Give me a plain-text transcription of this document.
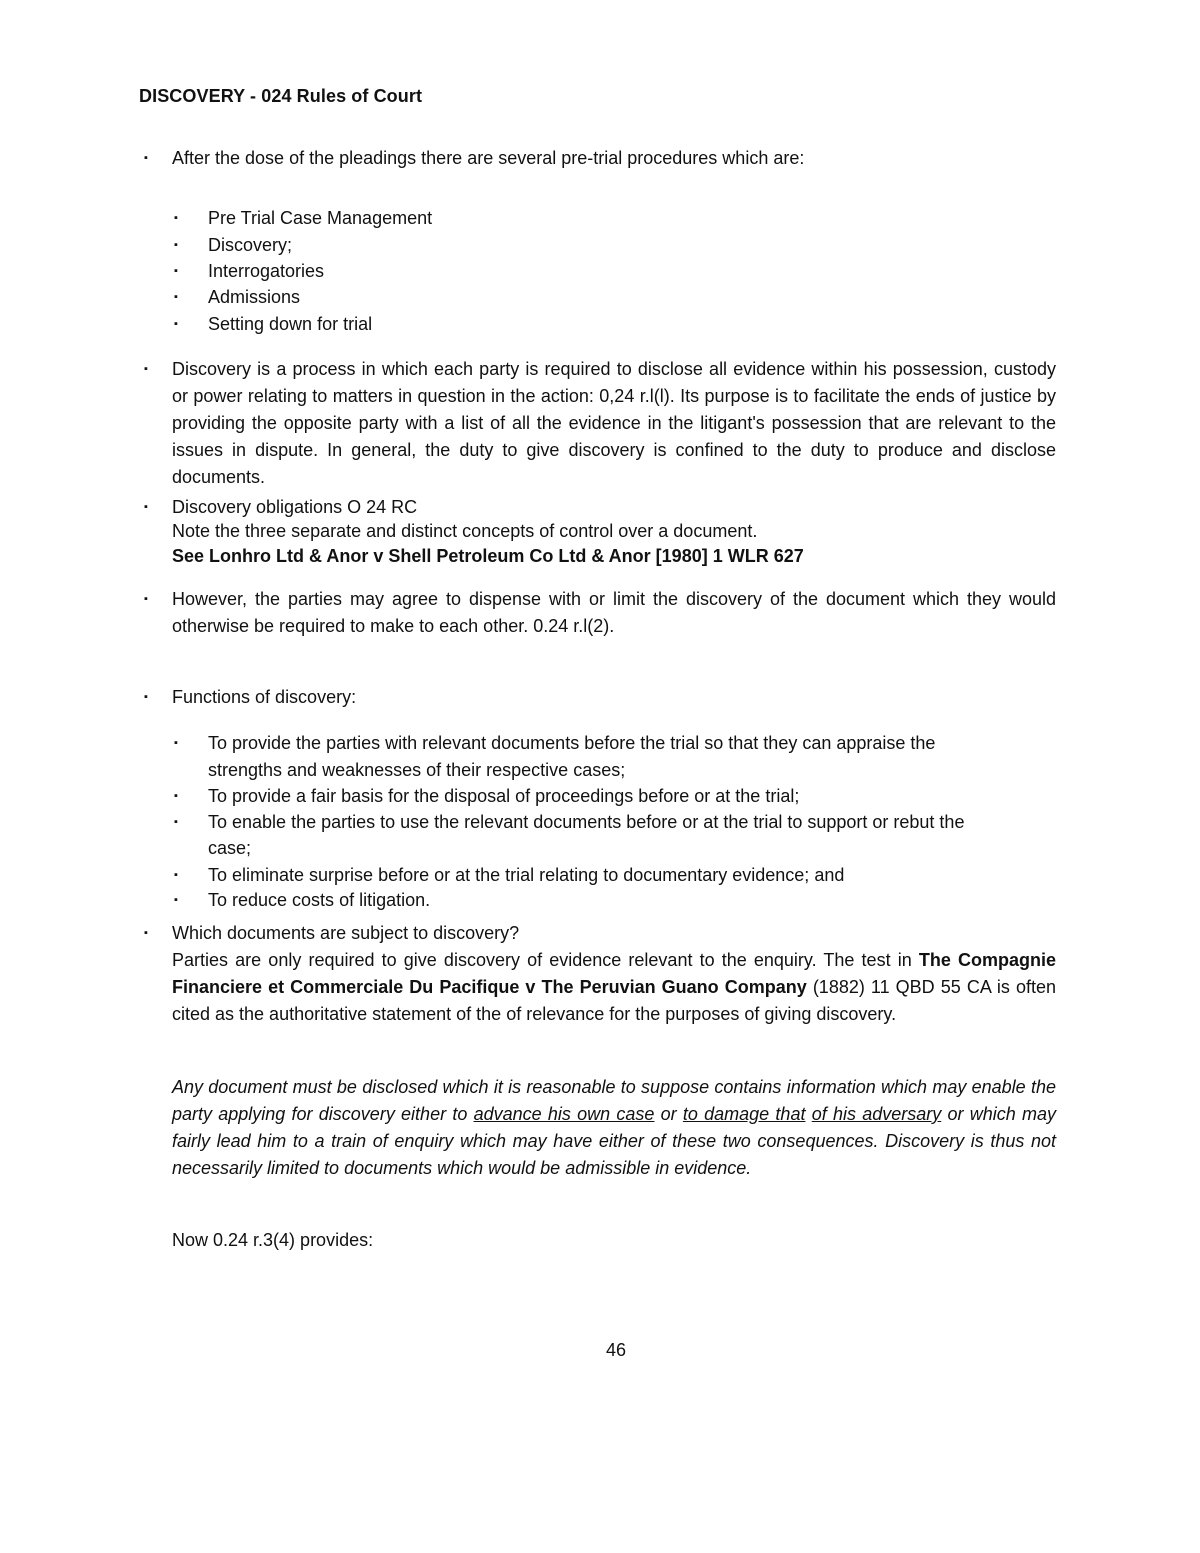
DISCOVERY - 024 Rules of Court
▪ After the dose of the pleadings there are several pre-trial procedures which are:
▪ Pre Trial Case Management
▪ Discovery;
▪ Interrogatories
▪ Admissions
▪ Setting down for trial
▪ Discovery is a process in which each party is required to disclose all evidence within his possession, custody or power relating to matters in question in the action: 0,24 r.l(l). Its purpose is to facilitate the ends of justice by providing the opposite party with a list of all the evidence in the litigant's possession that are relevant to the issues in dispute. In general, the duty to give discovery is confined to the duty to produce and disclose documents.
▪ Discovery obligations O 24 RC
Note the three separate and distinct concepts of control over a document.
See Lonhro Ltd & Anor v Shell Petroleum Co Ltd & Anor [1980] 1 WLR 627
▪ However, the parties may agree to dispense with or limit the discovery of the document which they would otherwise be required to make to each other. 0.24 r.l(2).
▪ Functions of discovery:
▪ To provide the parties with relevant documents before the trial so that they can appraise the
strengths and weaknesses of their respective cases;
▪ To provide a fair basis for the disposal of proceedings before or at the trial;
▪ To enable the parties to use the relevant documents before or at the trial to support or rebut the
case;
▪ To eliminate surprise before or at the trial relating to documentary evidence; and
▪ To reduce costs of litigation.
▪ Which documents are subject to discovery?
Parties are only required to give discovery of evidence relevant to the enquiry. The test in The Compagnie Financiere et Commerciale Du Pacifique v The Peruvian Guano Company (1882) 11 QBD 55 CA is often cited as the authoritative statement of the of relevance for the purposes of giving discovery.
Any document must be disclosed which it is reasonable to suppose contains information which may enable the party applying for discovery either to advance his own case or to damage that of his adversary or which may fairly lead him to a train of enquiry which may have either of these two consequences. Discovery is thus not necessarily limited to documents which would be admissible in evidence.
Now 0.24 r.3(4) provides:
46
